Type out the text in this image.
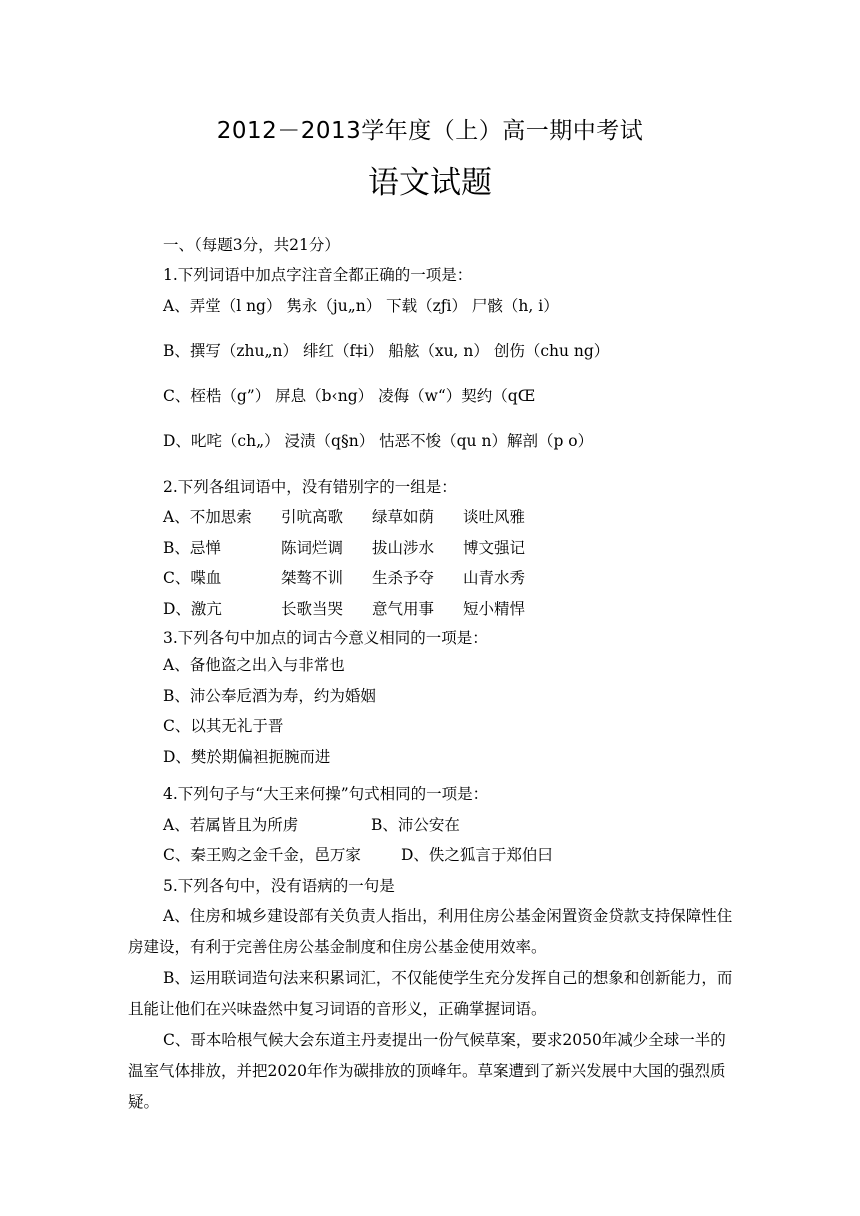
2012－2013学年度（上）高一期中考试
语文试题
一、（每题3分，共21分）
1.下列词语中加点字注音全都正确的一项是：
A、弄堂（l ng） 隽永（ju„n） 下载（zƒi） 尸骸（h, i）
B、撰写（zhu„n） 绯红（f‡i） 船舷（xu, n） 创伤（chu ng）
C、桎梏（g”） 屏息（b‹ng） 凌侮（w“）契约（qŒ
D、叱咤（ch„） 浸渍（q§n） 怙恶不悛（qu n）解剖（p o）
2.下列各组词语中，没有错别字的一组是：
A、不加思索 引吭高歌 绿草如荫 谈吐风雅
B、忌惮	陈词烂调 拔山涉水 博文强记
C、喋血	桀骜不训 生杀予夺 山青水秀
D、激亢	长歌当哭 意气用事 短小精悍
3.下列各句中加点的词古今意义相同的一项是：
A、备他盗之出入与非常也
B、沛公奉卮酒为寿，约为婚姻
C、以其无礼于晋
D、樊於期偏袒扼腕而进
4.下列句子与“大王来何操”句式相同的一项是：
A、若属皆且为所虏	B、沛公安在
C、秦王购之金千金，邑万家	D、佚之狐言于郑伯曰
5.下列各句中，没有语病的一句是
A、住房和城乡建设部有关负责人指出，利用住房公基金闲置资金贷款支持保障性住房建设，有利于完善住房公基金制度和住房公基金使用效率。
B、运用联词造句法来积累词汇，不仅能使学生充分发挥自己的想象和创新能力，而且能让他们在兴味盎然中复习词语的音形义，正确掌握词语。
C、哥本哈根气候大会东道主丹麦提出一份气候草案，要求2050年减少全球一半的温室气体排放，并把2020年作为碳排放的顶峰年。草案遭到了新兴发展中大国的强烈质疑。
